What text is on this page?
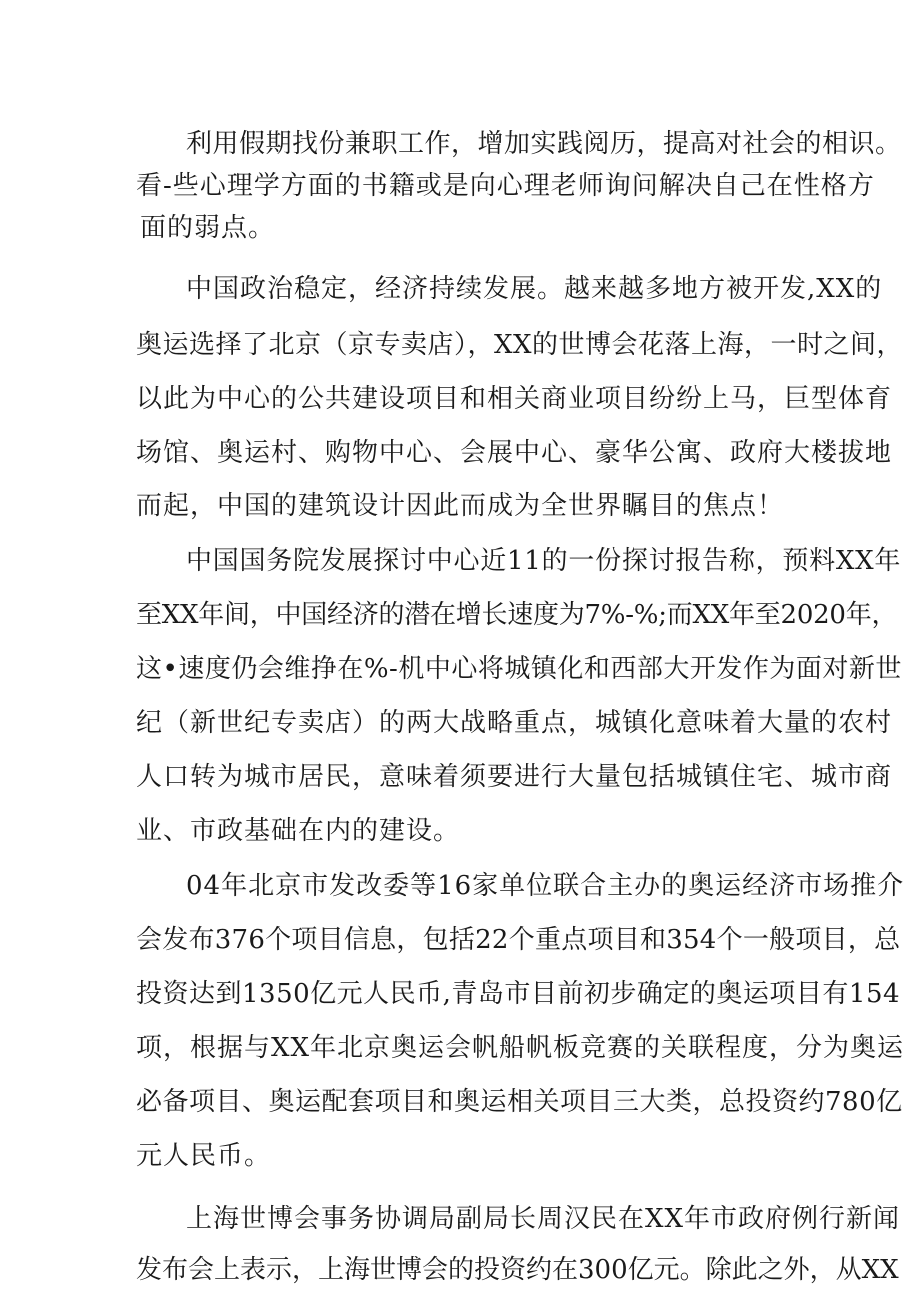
利用假期找份兼职工作，增加实践阅历，提高对社会的相识。
看-些心理学方面的书籍或是向心理老师询问解决自己在性格方
面的弱点。
中国政治稳定，经济持续发展。越来越多地方被开发,XX的
奥运选择了北京（京专卖店），XX的世博会花落上海，一时之间，
以此为中心的公共建设项目和相关商业项目纷纷上马，巨型体育
场馆、奥运村、购物中心、会展中心、豪华公寓、政府大楼拔地
而起，中国的建筑设计因此而成为全世界瞩目的焦点！
中国国务院发展探讨中心近11的一份探讨报告称，预料XX年
至XX年间，中国经济的潜在增长速度为7%-%;而XX年至2020年，
这•速度仍会维挣在%-机中心将城镇化和西部大开发作为面对新世
纪（新世纪专卖店）的两大战略重点，城镇化意味着大量的农村
人口转为城市居民，意味着须要进行大量包括城镇住宅、城市商
业、市政基础在内的建设。
04年北京市发改委等16家单位联合主办的奥运经济市场推介
会发布376个项目信息，包括22个重点项目和354个一般项目，总
投资达到1350亿元人民币,青岛市目前初步确定的奥运项目有154
项，根据与XX年北京奥运会帆船帆板竞赛的关联程度，分为奥运
必备项目、奥运配套项目和奥运相关项目三大类，总投资约780亿
元人民币。
上海世博会事务协调局副局长周汉民在XX年市政府例行新闻
发布会上表示，上海世博会的投资约在300亿元。除此之外，从XX
